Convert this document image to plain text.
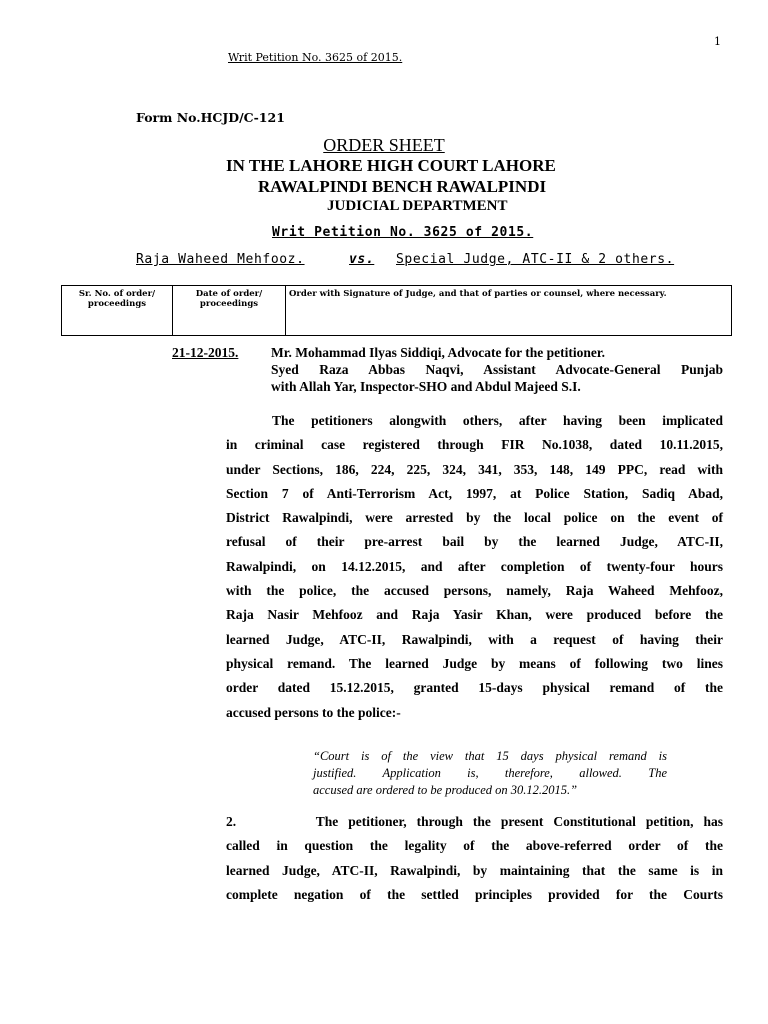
1
Writ Petition No. 3625 of 2015.
Form No.HCJD/C-121
ORDER SHEET
IN THE LAHORE HIGH COURT LAHORE
RAWALPINDI BENCH RAWALPINDI
JUDICIAL DEPARTMENT
Writ Petition No. 3625 of 2015.
Raja Waheed Mehfooz.	vs. Special Judge, ATC-II & 2 others.
Sr. No. of order/ proceedings	Date of order/ proceedings	Order with Signature of Judge, and that of parties or counsel, where necessary.
21-12-2015. Mr. Mohammad Ilyas Siddiqi, Advocate for the petitioner.
Syed Raza Abbas Naqvi, Assistant Advocate-General Punjab
with Allah Yar, Inspector-SHO and Abdul Majeed S.I.
The petitioners alongwith others, after having been implicated
in criminal case registered through FIR No.1038, dated 10.11.2015,
under Sections, 186, 224, 225, 324, 341, 353, 148, 149 PPC, read with
Section 7 of Anti-Terrorism Act, 1997, at Police Station, Sadiq Abad,
District Rawalpindi, were arrested by the local police on the event of
refusal of their pre-arrest bail by the learned Judge, ATC-II,
Rawalpindi, on 14.12.2015, and after completion of twenty-four hours
with the police, the accused persons, namely, Raja Waheed Mehfooz,
Raja Nasir Mehfooz and Raja Yasir Khan, were produced before the
learned Judge, ATC-II, Rawalpindi, with a request of having their
physical remand. The learned Judge by means of following two lines
order dated 15.12.2015, granted 15-days physical remand of the
accused persons to the police:-
“Court is of the view that 15 days physical remand is
justified. Application is, therefore, allowed. The
accused are ordered to be produced on 30.12.2015.”
2.        The petitioner, through the present Constitutional petition, has
called in question the legality of the above-referred order of the
learned Judge, ATC-II, Rawalpindi, by maintaining that the same is in
complete negation of the settled principles provided for the Courts
